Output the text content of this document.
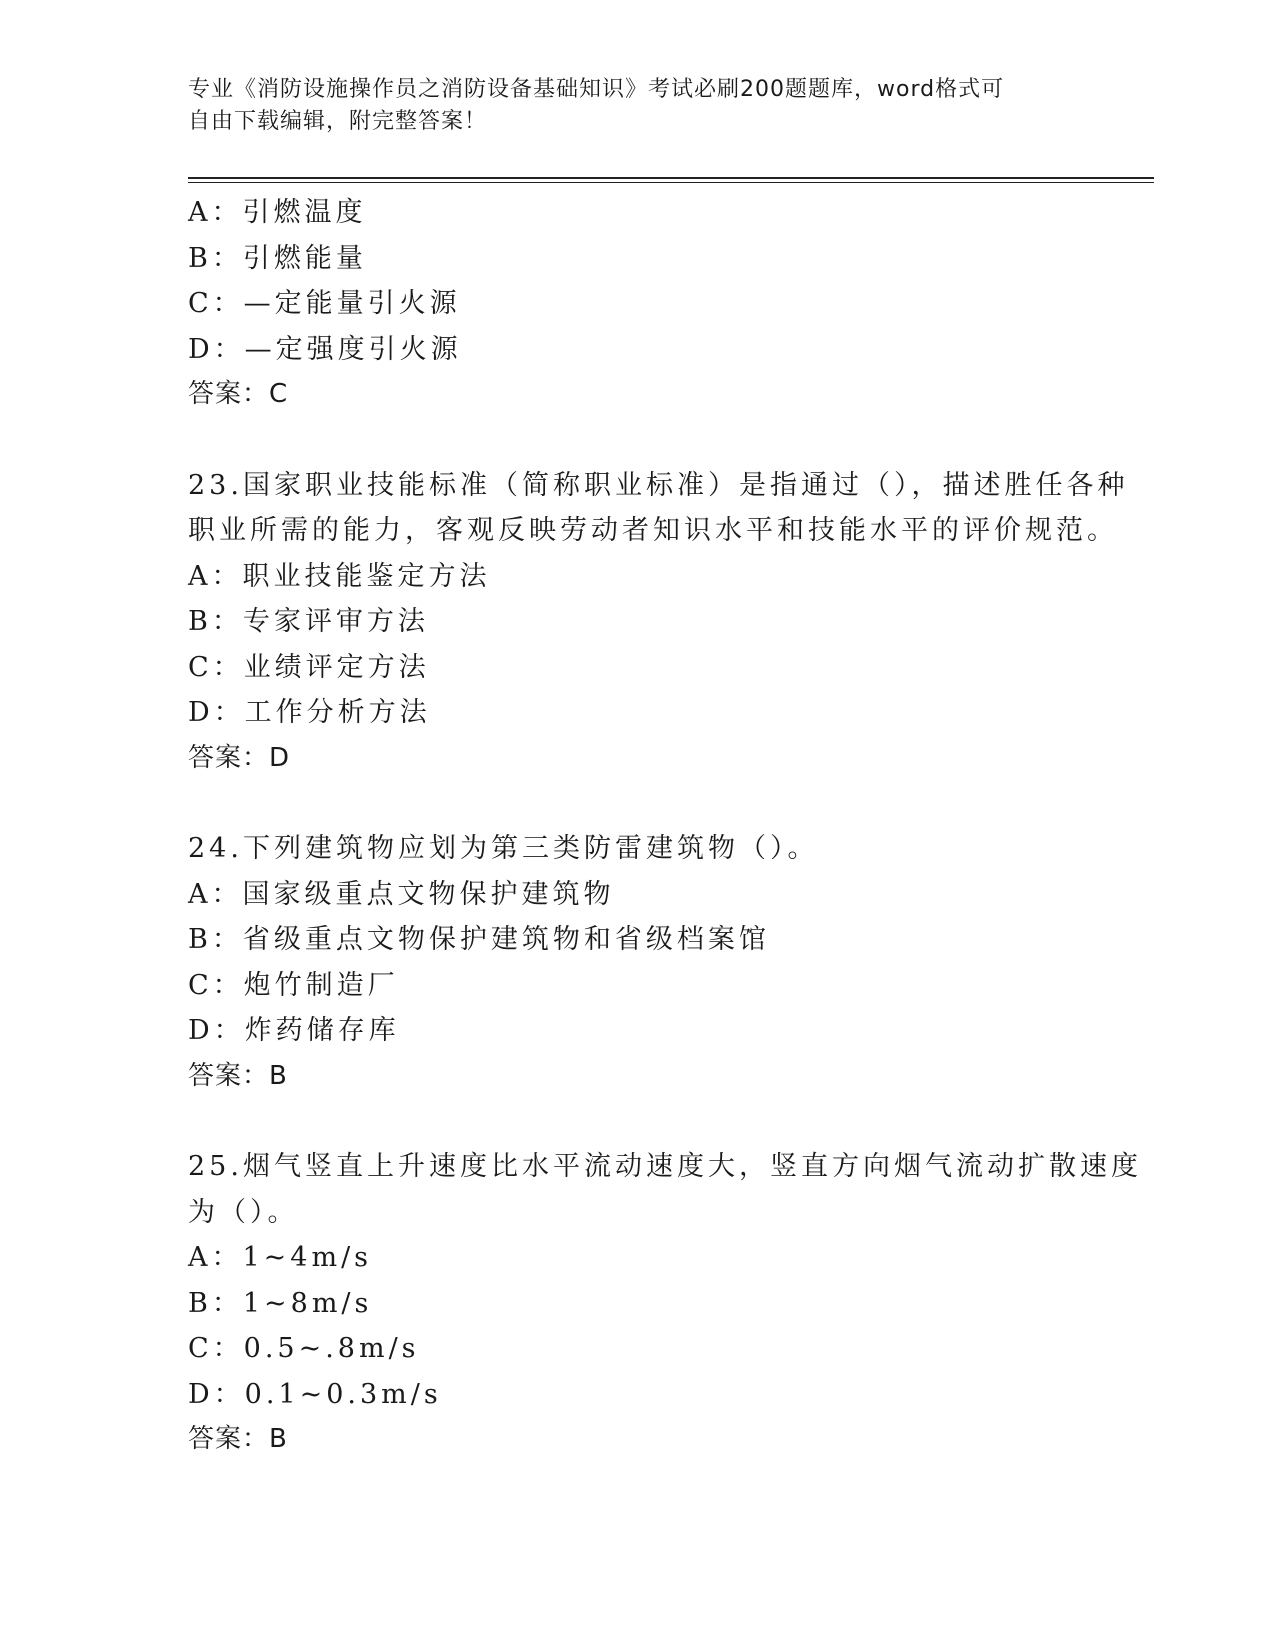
专业《消防设施操作员之消防设备基础知识》考试必刷200题题库，word格式可
自由下载编辑，附完整答案！
A：引燃温度
B：引燃能量
C：—定能量引火源
D：—定强度引火源
答案：C
23.国家职业技能标准（简称职业标准）是指通过（），描述胜任各种
职业所需的能力，客观反映劳动者知识水平和技能水平的评价规范。
A：职业技能鉴定方法
B：专家评审方法
C：业绩评定方法
D：工作分析方法
答案：D
24.下列建筑物应划为第三类防雷建筑物（）。
A：国家级重点文物保护建筑物
B：省级重点文物保护建筑物和省级档案馆
C：炮竹制造厂
D：炸药储存库
答案：B
25.烟气竖直上升速度比水平流动速度大，竖直方向烟气流动扩散速度
为（）。
A：1~4m/s
B：1~8m/s
C：0.5~.8m/s
D：0.1~0.3m/s
答案：B
